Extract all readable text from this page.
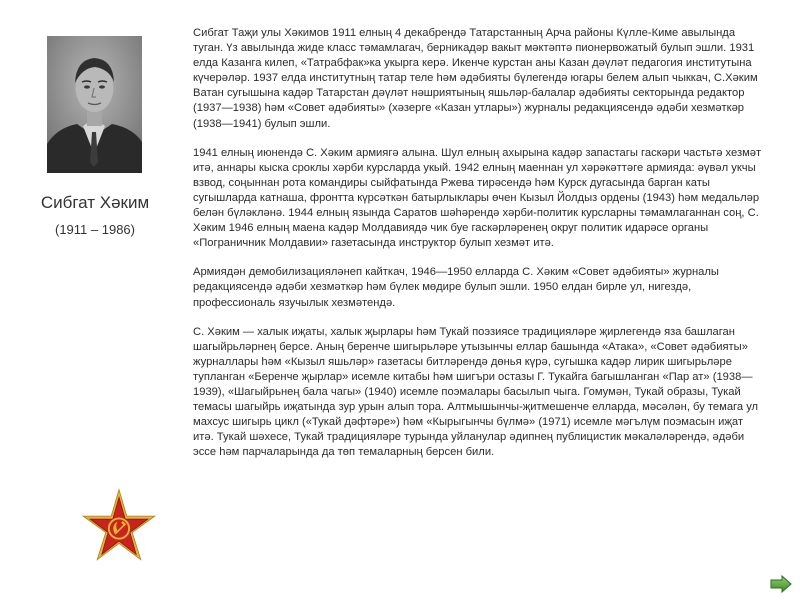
Сибгат Хәким
(1911 – 1986)

Сибгат Таҗи улы Хәкимов 1911 елның 4 декабрендә Татарстанның Арча районы Күлле-Киме авылында туган. Үз авылында жиде класс тәмамлагач, берникадәр вакыт мәктәптә пионервожатый булып эшли. 1931 елда Казанга килеп, «Татрабфак»ка укырга керә. Икенче курстан аны Казан дәүләт педагогия институтына күчерәләр. 1937 елда институтның татар теле һәм әдәбияты бүлегендә югары белем алып чыккач, С.Хәким Ватан сугышына кадәр Татарстан дәүләт нәшриятының яшьләр-балалар әдәбияты секторында редактор (1937—1938) һәм «Совет әдәбияты» (хәзерге «Казан утлары») журналы редакциясендә әдәби хезмәткәр (1938—1941) булып эшли.

1941 елның июнендә С. Хәким армиягә алына. Шул елның ахырына кадәр запастагы гаскәри частьтә хезмәт итә, аннары кыска сроклы хәрби курсларда укый. 1942 елның маеннан ул хәрәкәттәге армияда: әүвәл укчы взвод, соңыннан рота командиры сыйфатында Ржева тирәсендә һәм Курск дугасында барган каты сугышларда катнаша, фронтта күрсәткән батырлыклары өчен Кызыл Йолдыз ордены (1943) һәм медальләр белән бүләкләнә. 1944 елның язында Саратов шәһәрендә хәрби-политик курсларны тәмамлаганнан соң, С. Хәким 1946 елның маена кадәр Молдавиядә чик буе гаскәрләренең округ политик идарәсе органы «Пограничник Молдавии» газетасында инструктор булып хезмәт итә.

Армиядән демобилизацияләнеп кайткач, 1946—1950 елларда С. Хәким «Совет әдәбияты» журналы редакциясендә әдәби хезмәткәр һәм бүлек мөдире булып эшли. 1950 елдан бирле ул, нигездә, профессиональ язучылык хезмәтендә.

С. Хәким — халык иҗаты, халык җырлары һәм Тукай поэзиясе традицияләре җирлегендә яза башлаган шагыйрьләрнең берсе. Аның беренче шигырьләре утызынчы еллар башында «Атака», «Совет әдәбияты» журналлары һәм «Кызыл яшьләр» газетасы битләрендә дөнья күрә, сугышка кадәр лирик шигырьләре тупланган «Беренче җырлар» исемле китабы һәм шигъри остазы Г. Тукайга багышланган «Пар ат» (1938—1939), «Шагыйрьнең бала чагы» (1940) исемле поэмалары басылып чыга. Гомумән, Тукай образы, Тукай темасы шагыйрь иҗатында зур урын алып тора. Алтмышынчы-җитмешенче елларда, мәсәлән, бу темага ул махсус шигырь цикл («Тукай дәфтәре») һәм «Кырыгынчы бүлмә» (1971) исемле мәгълүм поэмасын иҗат итә. Тукай шәхесе, Тукай традицияләре турында уйланулар әдипнең публицистик мәкаләләрендә, әдәби эссе һәм парчаларында да төп темаларның берсен били.
